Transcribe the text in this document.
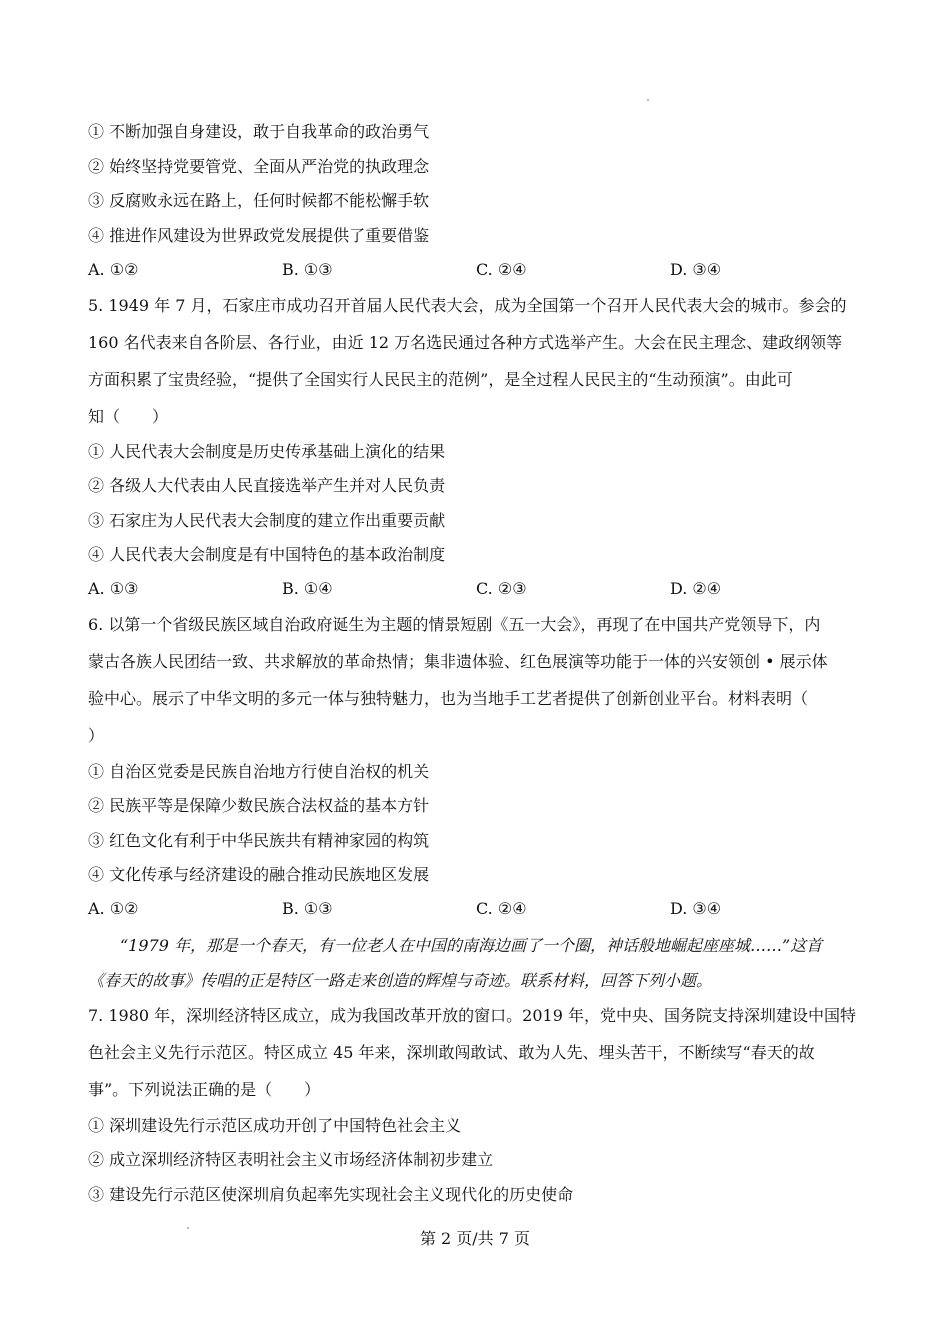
① 不断加强自身建设，敢于自我革命的政治勇气
② 始终坚持党要管党、全面从严治党的执政理念
③ 反腐败永远在路上，任何时候都不能松懈手软
④ 推进作风建设为世界政党发展提供了重要借鉴
A. ①②	B. ①③	C. ②④	D. ③④
5. 1949 年 7 月，石家庄市成功召开首届人民代表大会，成为全国第一个召开人民代表大会的城市。参会的
160 名代表来自各阶层、各行业，由近 12 万名选民通过各种方式选举产生。大会在民主理念、建政纲领等
方面积累了宝贵经验，“提供了全国实行人民民主的范例”，是全过程人民民主的“生动预演”。由此可
知（　　）
① 人民代表大会制度是历史传承基础上演化的结果
② 各级人大代表由人民直接选举产生并对人民负责
③ 石家庄为人民代表大会制度的建立作出重要贡献
④ 人民代表大会制度是有中国特色的基本政治制度
A. ①③	B. ①④	C. ②③	D. ②④
6. 以第一个省级民族区域自治政府诞生为主题的情景短剧《五一大会》，再现了在中国共产党领导下，内
蒙古各族人民团结一致、共求解放的革命热情；集非遗体验、红色展演等功能于一体的兴安领创 • 展示体
验中心。展示了中华文明的多元一体与独特魅力，也为当地手工艺者提供了创新创业平台。材料表明（
）
① 自治区党委是民族自治地方行使自治权的机关
② 民族平等是保障少数民族合法权益的基本方针
③ 红色文化有利于中华民族共有精神家园的构筑
④ 文化传承与经济建设的融合推动民族地区发展
A. ①②	B. ①③	C. ②④	D. ③④
“1979 年，那是一个春天，有一位老人在中国的南海边画了一个圈，神话般地崛起座座城……”这首
《春天的故事》传唱的正是特区一路走来创造的辉煌与奇迹。联系材料，回答下列小题。
7. 1980 年，深圳经济特区成立，成为我国改革开放的窗口。2019 年，党中央、国务院支持深圳建设中国特
色社会主义先行示范区。特区成立 45 年来，深圳敢闯敢试、敢为人先、埋头苦干，不断续写“春天的故
事”。下列说法正确的是（　　）
① 深圳建设先行示范区成功开创了中国特色社会主义
② 成立深圳经济特区表明社会主义市场经济体制初步建立
③ 建设先行示范区使深圳肩负起率先实现社会主义现代化的历史使命
第 2 页/共 7 页
